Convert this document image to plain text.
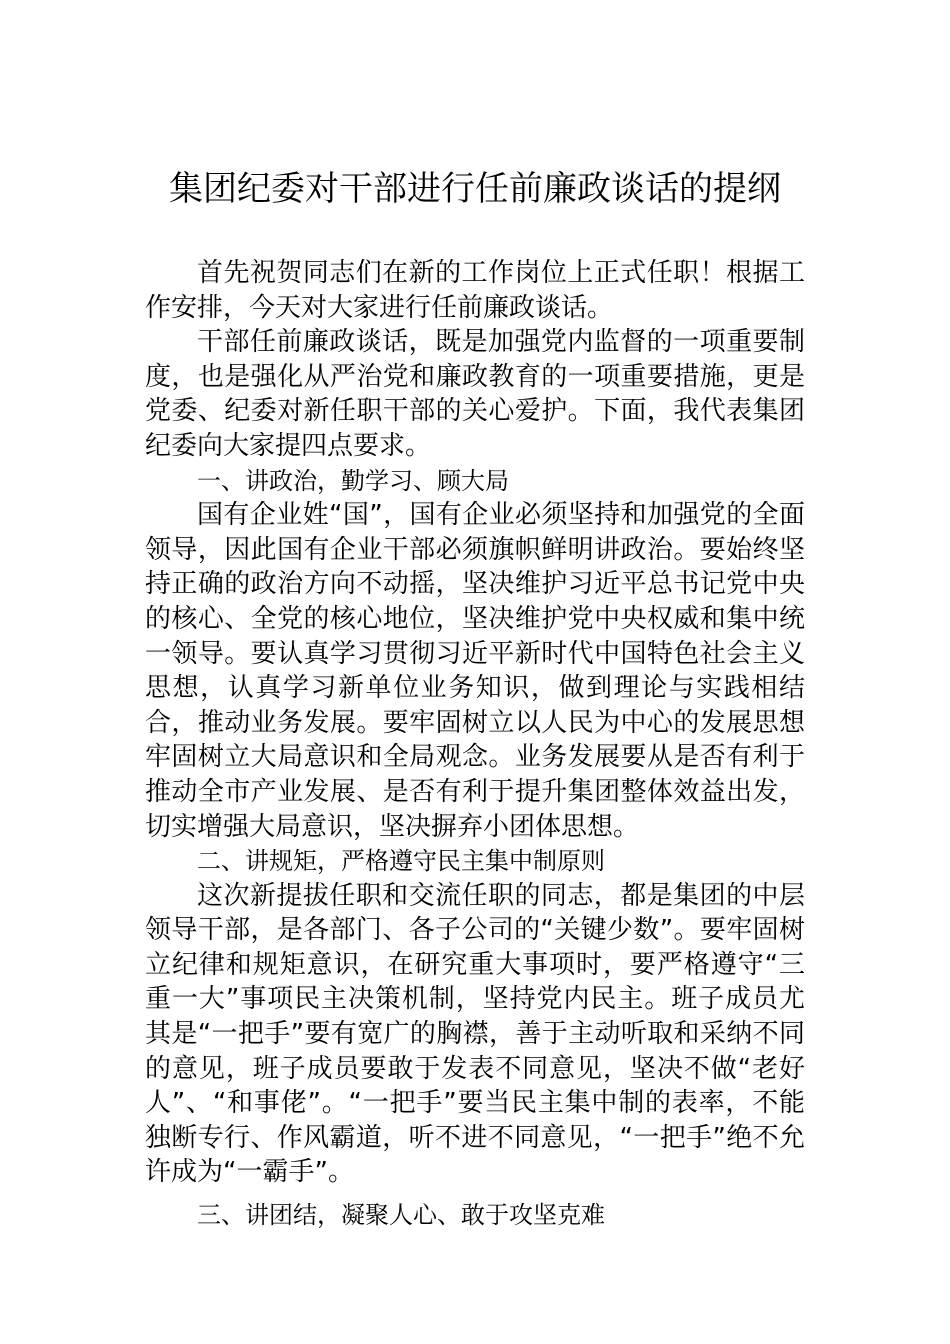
集团纪委对干部进行任前廉政谈话的提纲

首先祝贺同志们在新的工作岗位上正式任职！根据工作安排，今天对大家进行任前廉政谈话。

干部任前廉政谈话，既是加强党内监督的一项重要制度，也是强化从严治党和廉政教育的一项重要措施，更是党委、纪委对新任职干部的关心爱护。下面，我代表集团纪委向大家提四点要求。

一、讲政治，勤学习、顾大局

国有企业姓“国”，国有企业必须坚持和加强党的全面领导，因此国有企业干部必须旗帜鲜明讲政治。要始终坚持正确的政治方向不动摇，坚决维护习近平总书记党中央的核心、全党的核心地位，坚决维护党中央权威和集中统一领导。要认真学习贯彻习近平新时代中国特色社会主义思想，认真学习新单位业务知识，做到理论与实践相结合，推动业务发展。要牢固树立以人民为中心的发展思想牢固树立大局意识和全局观念。业务发展要从是否有利于推动全市产业发展、是否有利于提升集团整体效益出发，切实增强大局意识，坚决摒弃小团体思想。

二、讲规矩，严格遵守民主集中制原则

这次新提拔任职和交流任职的同志，都是集团的中层领导干部，是各部门、各子公司的“关键少数”。要牢固树立纪律和规矩意识，在研究重大事项时，要严格遵守“三重一大”事项民主决策机制，坚持党内民主。班子成员尤其是“一把手”要有宽广的胸襟，善于主动听取和采纳不同的意见，班子成员要敢于发表不同意见，坚决不做“老好人”、“和事佬”。“一把手”要当民主集中制的表率，不能独断专行、作风霸道，听不进不同意见，“一把手”绝不允许成为“一霸手”。

三、讲团结，凝聚人心、敢于攻坚克难
